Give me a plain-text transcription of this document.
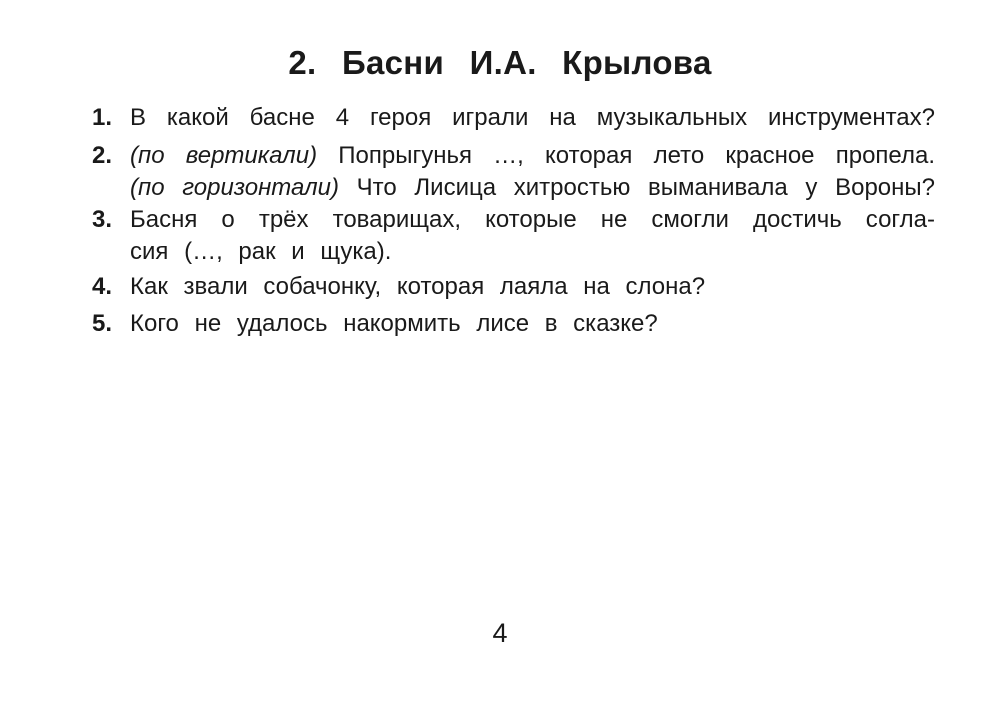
2. Басни И.А. Крылова
1. В какой басне 4 героя играли на музыкальных инструментах?
2. (по вертикали) Попрыгунья …, которая лето красное пропела.
(по горизонтали) Что Лисица хитростью выманивала у Вороны?
3. Басня о трёх товарищах, которые не смогли достичь согла-
сия (…, рак и щука).
4. Как звали собачонку, которая лаяла на слона?
5. Кого не удалось накормить лисе в сказке?
4
